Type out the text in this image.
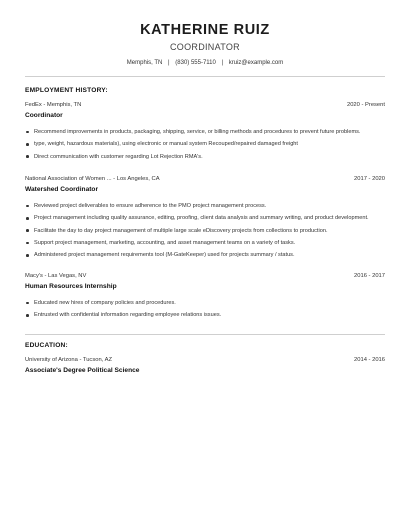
KATHERINE RUIZ
COORDINATOR
Memphis, TN | (830) 555-7110 | kruiz@example.com
EMPLOYMENT HISTORY:
FedEx - Memphis, TN	2020 - Present
Coordinator
Recommend improvements in products, packaging, shipping, service, or billing methods and procedures to prevent future problems.
type, weight, hazardous materials), using electronic or manual system Recouped/repaired damaged freight
Direct communication with customer regarding Lot Rejection RMA's.
National Association of Women ... - Los Angeles, CA	2017 - 2020
Watershed Coordinator
Reviewed project deliverables to ensure adherence to the PMO project management process.
Project management including quality assurance, editing, proofing, client data analysis and summary writing, and product development.
Facilitate the day to day project management of multiple large scale eDiscovery projects from collections to production.
Support project management, marketing, accounting, and asset management teams on a variety of tasks.
Administered project management requirements tool (M-GateKeeper) used for projects summary / status.
Macy's - Las Vegas, NV	2016 - 2017
Human Resources Internship
Educated new hires of company policies and procedures.
Entrusted with confidential information regarding employee relations issues.
EDUCATION:
University of Arizona - Tucson, AZ	2014 - 2016
Associate's Degree Political Science
